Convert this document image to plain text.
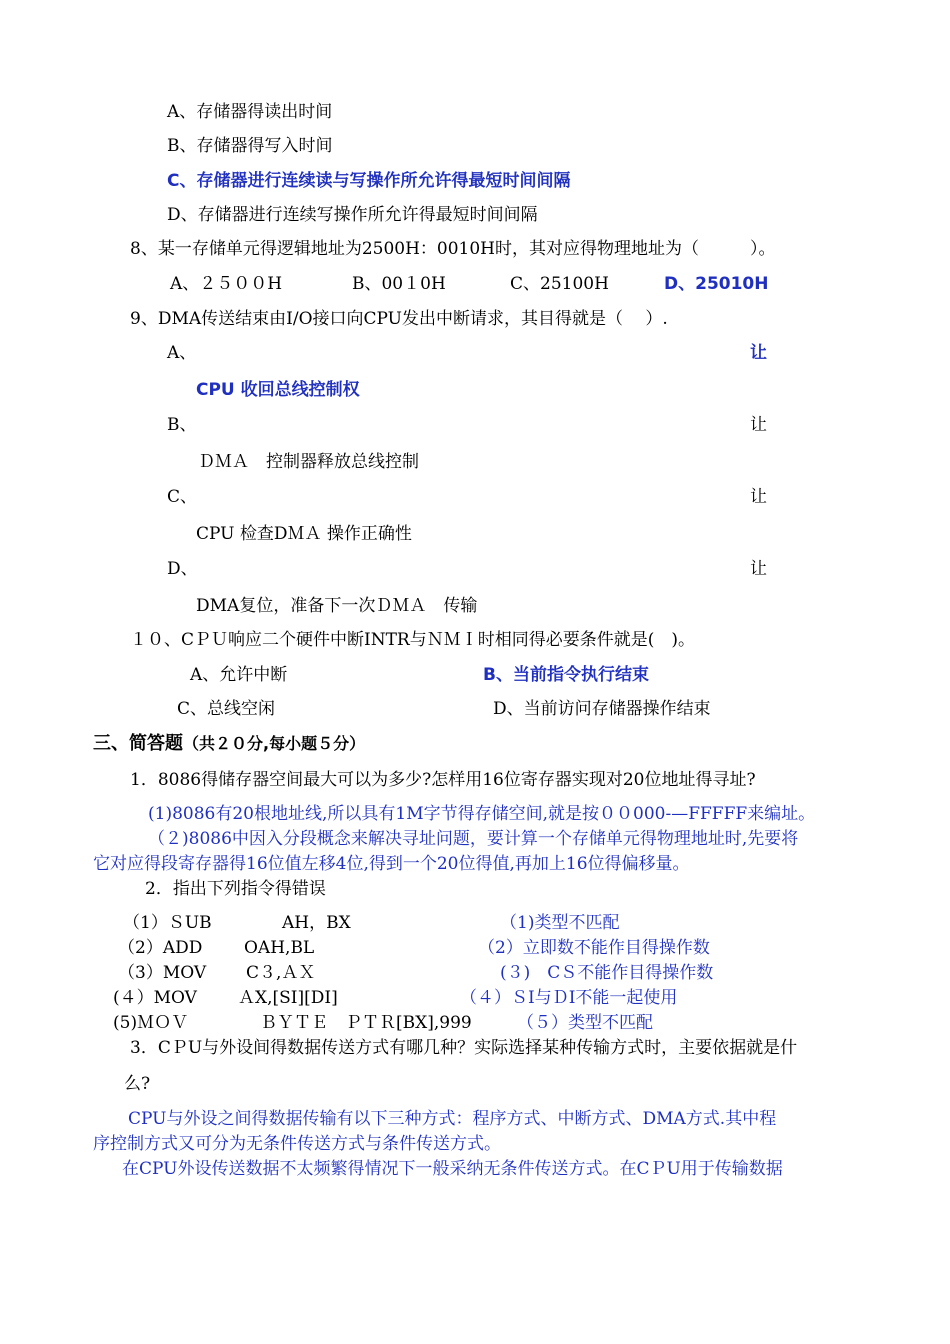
A、存储器得读出时间
B、存储器得写入时间
C、存储器进行连续读与写操作所允许得最短时间间隔
D、存储器进行连续写操作所允许得最短时间间隔
8、某一存储单元得逻辑地址为2500H：0010H时，其对应得物理地址为（　　　）。
A、２５００H	B、00１0H	C、25100H	D、25010H
9、DMA传送结束由I/O接口向CPU发出中断请求，其目得就是（　 ）.
A、	让
CPU 收回总线控制权
B、	让
ＤＭＡ　控制器释放总线控制
C、	让
CPU 检查DＭＡ 操作正确性
D、	让
DMA复位，准备下一次ＤＭＡ　传输
１０、CＰＵ响应二个硬件中断INTR与ＮＭＩ时相同得必要条件就是(　)。
A、允许中断	B、当前指令执行结束
C、总线空闲	D、当前访问存储器操作结束
三、简答题（共２０分,每小题５分）
1．8086得储存器空间最大可以为多少?怎样用16位寄存器实现对20位地址得寻址?
(1)8086有20根地址线,所以具有1M字节得存储空间,就是按００000-—FFFFF来编址。
（２)8086中因入分段概念来解决寻址问题，要计算一个存储单元得物理地址时,先要将
它对应得段寄存器得16位值左移4位,得到一个20位得值,再加上16位得偏移量。
2．指出下列指令得错误
（1）ＳUB	AH，BX	（1)类型不匹配
（2）ADD OAH,BL	（2）立即数不能作目得操作数
（3）MOV C３,ＡＸ	(３)　CＳ不能作目得操作数
(４）MOV ＡX,[SI][DI]	（４）ＳI与ＤI不能一起使用
(5)ＭＯＶ	ＢＹＴＥ　ＰＴＲ[BX],999	（５）类型不匹配
3．CＰU与外设间得数据传送方式有哪几种？实际选择某种传输方式时，主要依据就是什
么?
CPU与外设之间得数据传输有以下三种方式：程序方式、中断方式、DMA方式.其中程
序控制方式又可分为无条件传送方式与条件传送方式。
在CPU外设传送数据不太频繁得情况下一般采纳无条件传送方式。在CＰU用于传输数据
